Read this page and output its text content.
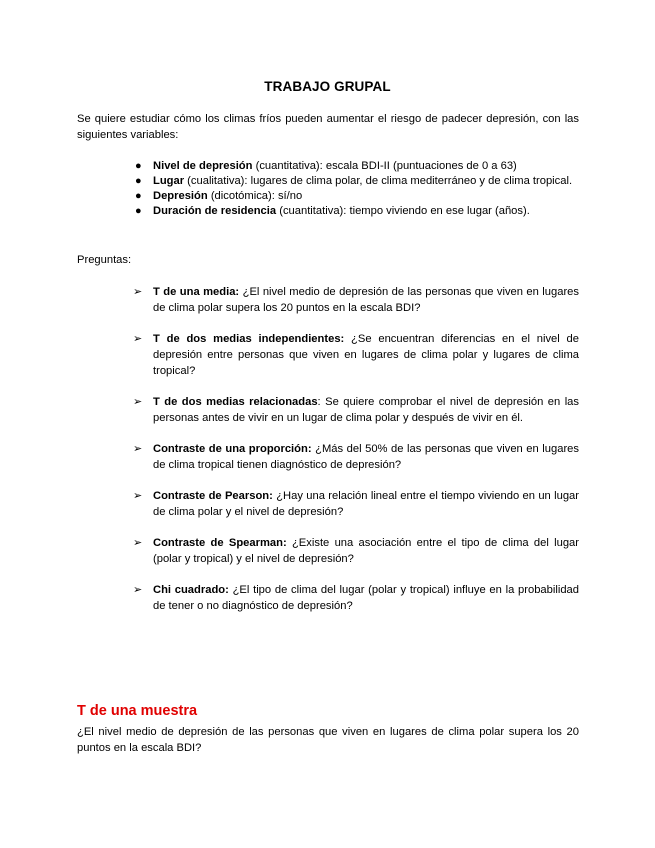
TRABAJO GRUPAL
Se quiere estudiar cómo los climas fríos pueden aumentar el riesgo de padecer depresión, con las siguientes variables:
● Nivel de depresión (cuantitativa): escala BDI-II (puntuaciones de 0 a 63)
● Lugar (cualitativa): lugares de clima polar, de clima mediterráneo y de clima tropical.
● Depresión (dicotómica): sí/no
● Duración de residencia (cuantitativa): tiempo viviendo en ese lugar (años).
Preguntas:
➢ T de una media: ¿El nivel medio de depresión de las personas que viven en lugares de clima polar supera los 20 puntos en la escala BDI?
➢ T de dos medias independientes: ¿Se encuentran diferencias en el nivel de depresión entre personas que viven en lugares de clima polar y lugares de clima tropical?
➢ T de dos medias relacionadas: Se quiere comprobar el nivel de depresión en las personas antes de vivir en un lugar de clima polar y después de vivir en él.
➢ Contraste de una proporción: ¿Más del 50% de las personas que viven en lugares de clima tropical tienen diagnóstico de depresión?
➢ Contraste de Pearson: ¿Hay una relación lineal entre el tiempo viviendo en un lugar de clima polar y el nivel de depresión?
➢ Contraste de Spearman: ¿Existe una asociación entre el tipo de clima del lugar (polar y tropical) y el nivel de depresión?
➢ Chi cuadrado: ¿El tipo de clima del lugar (polar y tropical) influye en la probabilidad de tener o no diagnóstico de depresión?
T de una muestra
¿El nivel medio de depresión de las personas que viven en lugares de clima polar supera los 20 puntos en la escala BDI?
